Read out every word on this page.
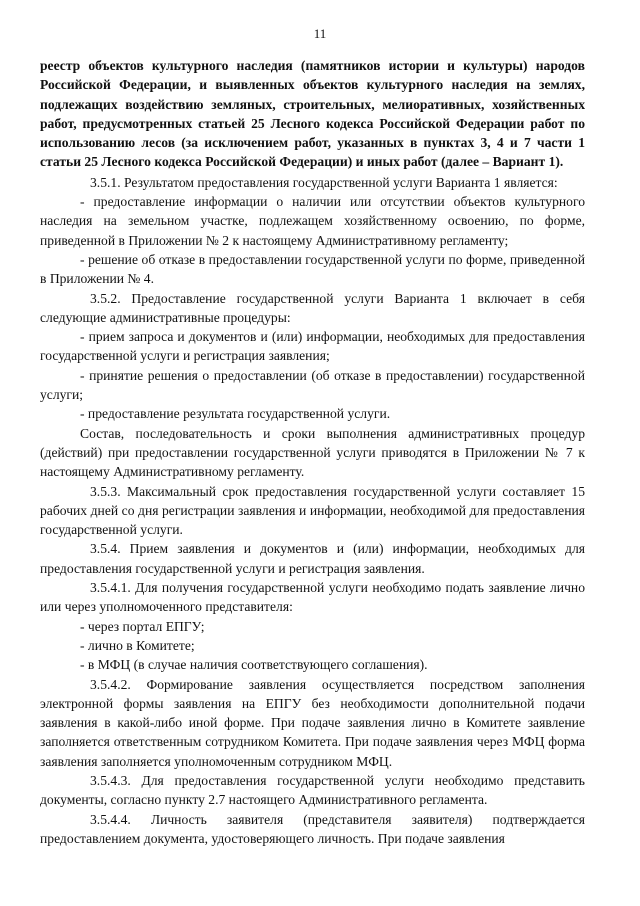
11

реестр объектов культурного наследия (памятников истории и культуры) народов Российской Федерации, и выявленных объектов культурного наследия на землях, подлежащих воздействию земляных, строительных, мелиоративных, хозяйственных работ, предусмотренных статьей 25 Лесного кодекса Российской Федерации работ по использованию лесов (за исключением работ, указанных в пунктах 3, 4 и 7 части 1 статьи 25 Лесного кодекса Российской Федерации) и иных работ (далее – Вариант 1).

3.5.1. Результатом предоставления государственной услуги Варианта 1 является:

- предоставление информации о наличии или отсутствии объектов культурного наследия на земельном участке, подлежащем хозяйственному освоению, по форме, приведенной в Приложении № 2 к настоящему Административному регламенту;

- решение об отказе в предоставлении государственной услуги по форме, приведенной в Приложении № 4.

3.5.2. Предоставление государственной услуги Варианта 1 включает в себя следующие административные процедуры:

- прием запроса и документов и (или) информации, необходимых для предоставления государственной услуги и регистрация заявления;

- принятие решения о предоставлении (об отказе в предоставлении) государственной услуги;

- предоставление результата государственной услуги.

Состав, последовательность и сроки выполнения административных процедур (действий) при предоставлении государственной услуги приводятся в Приложении № 7 к настоящему Административному регламенту.

3.5.3. Максимальный срок предоставления государственной услуги составляет 15 рабочих дней со дня регистрации заявления и информации, необходимой для предоставления государственной услуги.

3.5.4. Прием заявления и документов и (или) информации, необходимых для предоставления государственной услуги и регистрация заявления.

3.5.4.1. Для получения государственной услуги необходимо подать заявление лично или через уполномоченного представителя:

- через портал ЕПГУ;

- лично в Комитете;

- в МФЦ (в случае наличия соответствующего соглашения).

3.5.4.2. Формирование заявления осуществляется посредством заполнения электронной формы заявления на ЕПГУ без необходимости дополнительной подачи заявления в какой-либо иной форме. При подаче заявления лично в Комитете заявление заполняется ответственным сотрудником Комитета. При подаче заявления через МФЦ форма заявления заполняется уполномоченным сотрудником МФЦ.

3.5.4.3. Для предоставления государственной услуги необходимо представить документы, согласно пункту 2.7 настоящего Административного регламента.

3.5.4.4. Личность заявителя (представителя заявителя) подтверждается предоставлением документа, удостоверяющего личность. При подаче заявления
